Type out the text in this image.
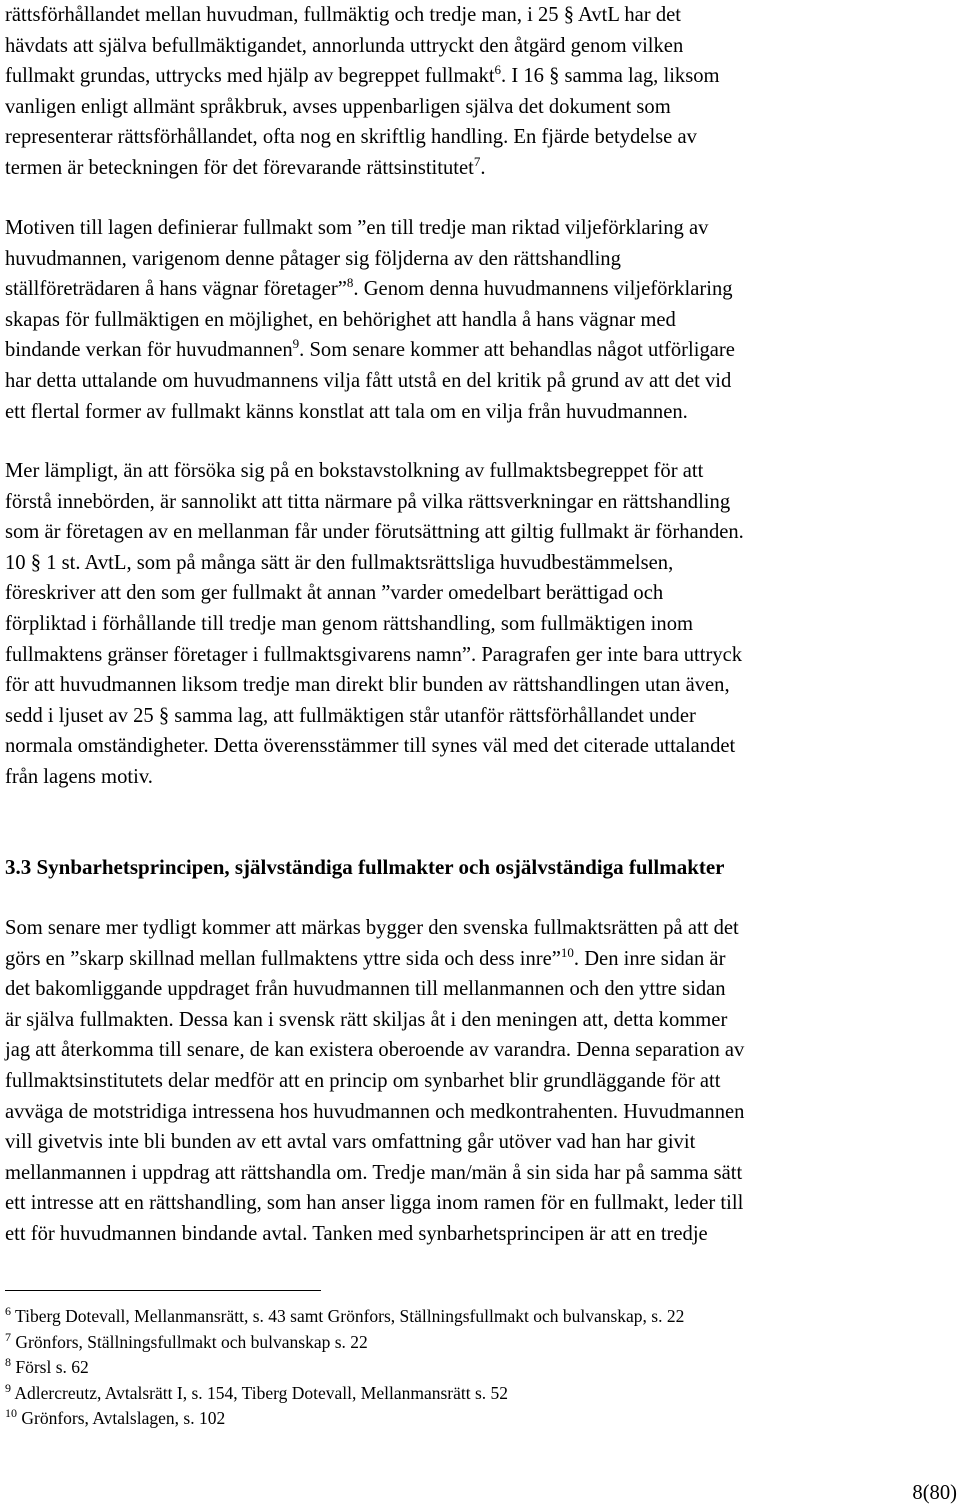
rättsförhållandet mellan huvudman, fullmäktig och tredje man, i 25 § AvtL har det
hävdats att själva befullmäktigandet, annorlunda uttryckt den åtgärd genom vilken
fullmakt grundas, uttrycks med hjälp av begreppet fullmakt$^6$. I 16 § samma lag, liksom
vanligen enligt allmänt språkbruk, avses uppenbarligen själva det dokument som
representerar rättsförhållandet, ofta nog en skriftlig handling. En fjärde betydelse av
termen är beteckningen för det förevarande rättsinstitutet$^7$.

Motiven till lagen definierar fullmakt som ”en till tredje man riktad viljeförklaring av
huvudmannen, varigenom denne påtager sig följderna av den rättshandling
ställföreträdaren å hans vägnar företager”$^8$. Genom denna huvudmannens viljeförklaring
skapas för fullmäktigen en möjlighet, en behörighet att handla å hans vägnar med
bindande verkan för huvudmannen$^9$. Som senare kommer att behandlas något utförligare
har detta uttalande om huvudmannens vilja fått utstå en del kritik på grund av att det vid
ett flertal former av fullmakt känns konstlat att tala om en vilja från huvudmannen.

Mer lämpligt, än att försöka sig på en bokstavstolkning av fullmaktsbegreppet för att
förstå innebörden, är sannolikt att titta närmare på vilka rättsverkningar en rättshandling
som är företagen av en mellanman får under förutsättning att giltig fullmakt är förhanden.
10 § 1 st. AvtL, som på många sätt är den fullmaktsrättsliga huvudbestämmelsen,
föreskriver att den som ger fullmakt åt annan ”varder omedelbart berättigad och
förpliktad i förhållande till tredje man genom rättshandling, som fullmäktigen inom
fullmaktens gränser företager i fullmaktsgivarens namn”. Paragrafen ger inte bara uttryck
för att huvudmannen liksom tredje man direkt blir bunden av rättshandlingen utan även,
sedd i ljuset av 25 § samma lag, att fullmäktigen står utanför rättsförhållandet under
normala omständigheter. Detta överensstämmer till synes väl med det citerade uttalandet
från lagens motiv.

3.3 Synbarhetsprincipen, självständiga fullmakter och osjälvständiga fullmakter

Som senare mer tydligt kommer att märkas bygger den svenska fullmaktsrätten på att det
görs en ”skarp skillnad mellan fullmaktens yttre sida och dess inre”$^{10}$. Den inre sidan är
det bakomliggande uppdraget från huvudmannen till mellanmannen och den yttre sidan
är själva fullmakten. Dessa kan i svensk rätt skiljas åt i den meningen att, detta kommer
jag att återkomma till senare, de kan existera oberoende av varandra. Denna separation av
fullmaktsinstitutets delar medför att en princip om synbarhet blir grundläggande för att
avväga de motstridiga intressena hos huvudmannen och medkontrahenten. Huvudmannen
vill givetvis inte bli bunden av ett avtal vars omfattning går utöver vad han har givit
mellanmannen i uppdrag att rättshandla om. Tredje man/män å sin sida har på samma sätt
ett intresse att en rättshandling, som han anser ligga inom ramen för en fullmakt, leder till
ett för huvudmannen bindande avtal. Tanken med synbarhetsprincipen är att en tredje

$^6$ Tiberg Dotevall, Mellanmansrätt, s. 43 samt Grönfors, Ställningsfullmakt och bulvanskap, s. 22
$^7$ Grönfors, Ställningsfullmakt och bulvanskap s. 22
$^8$ Försl s. 62
$^9$ Adlercreutz, Avtalsrätt I, s. 154, Tiberg Dotevall, Mellanmansrätt s. 52
$^{10}$ Grönfors, Avtalslagen, s. 102
8(80)
